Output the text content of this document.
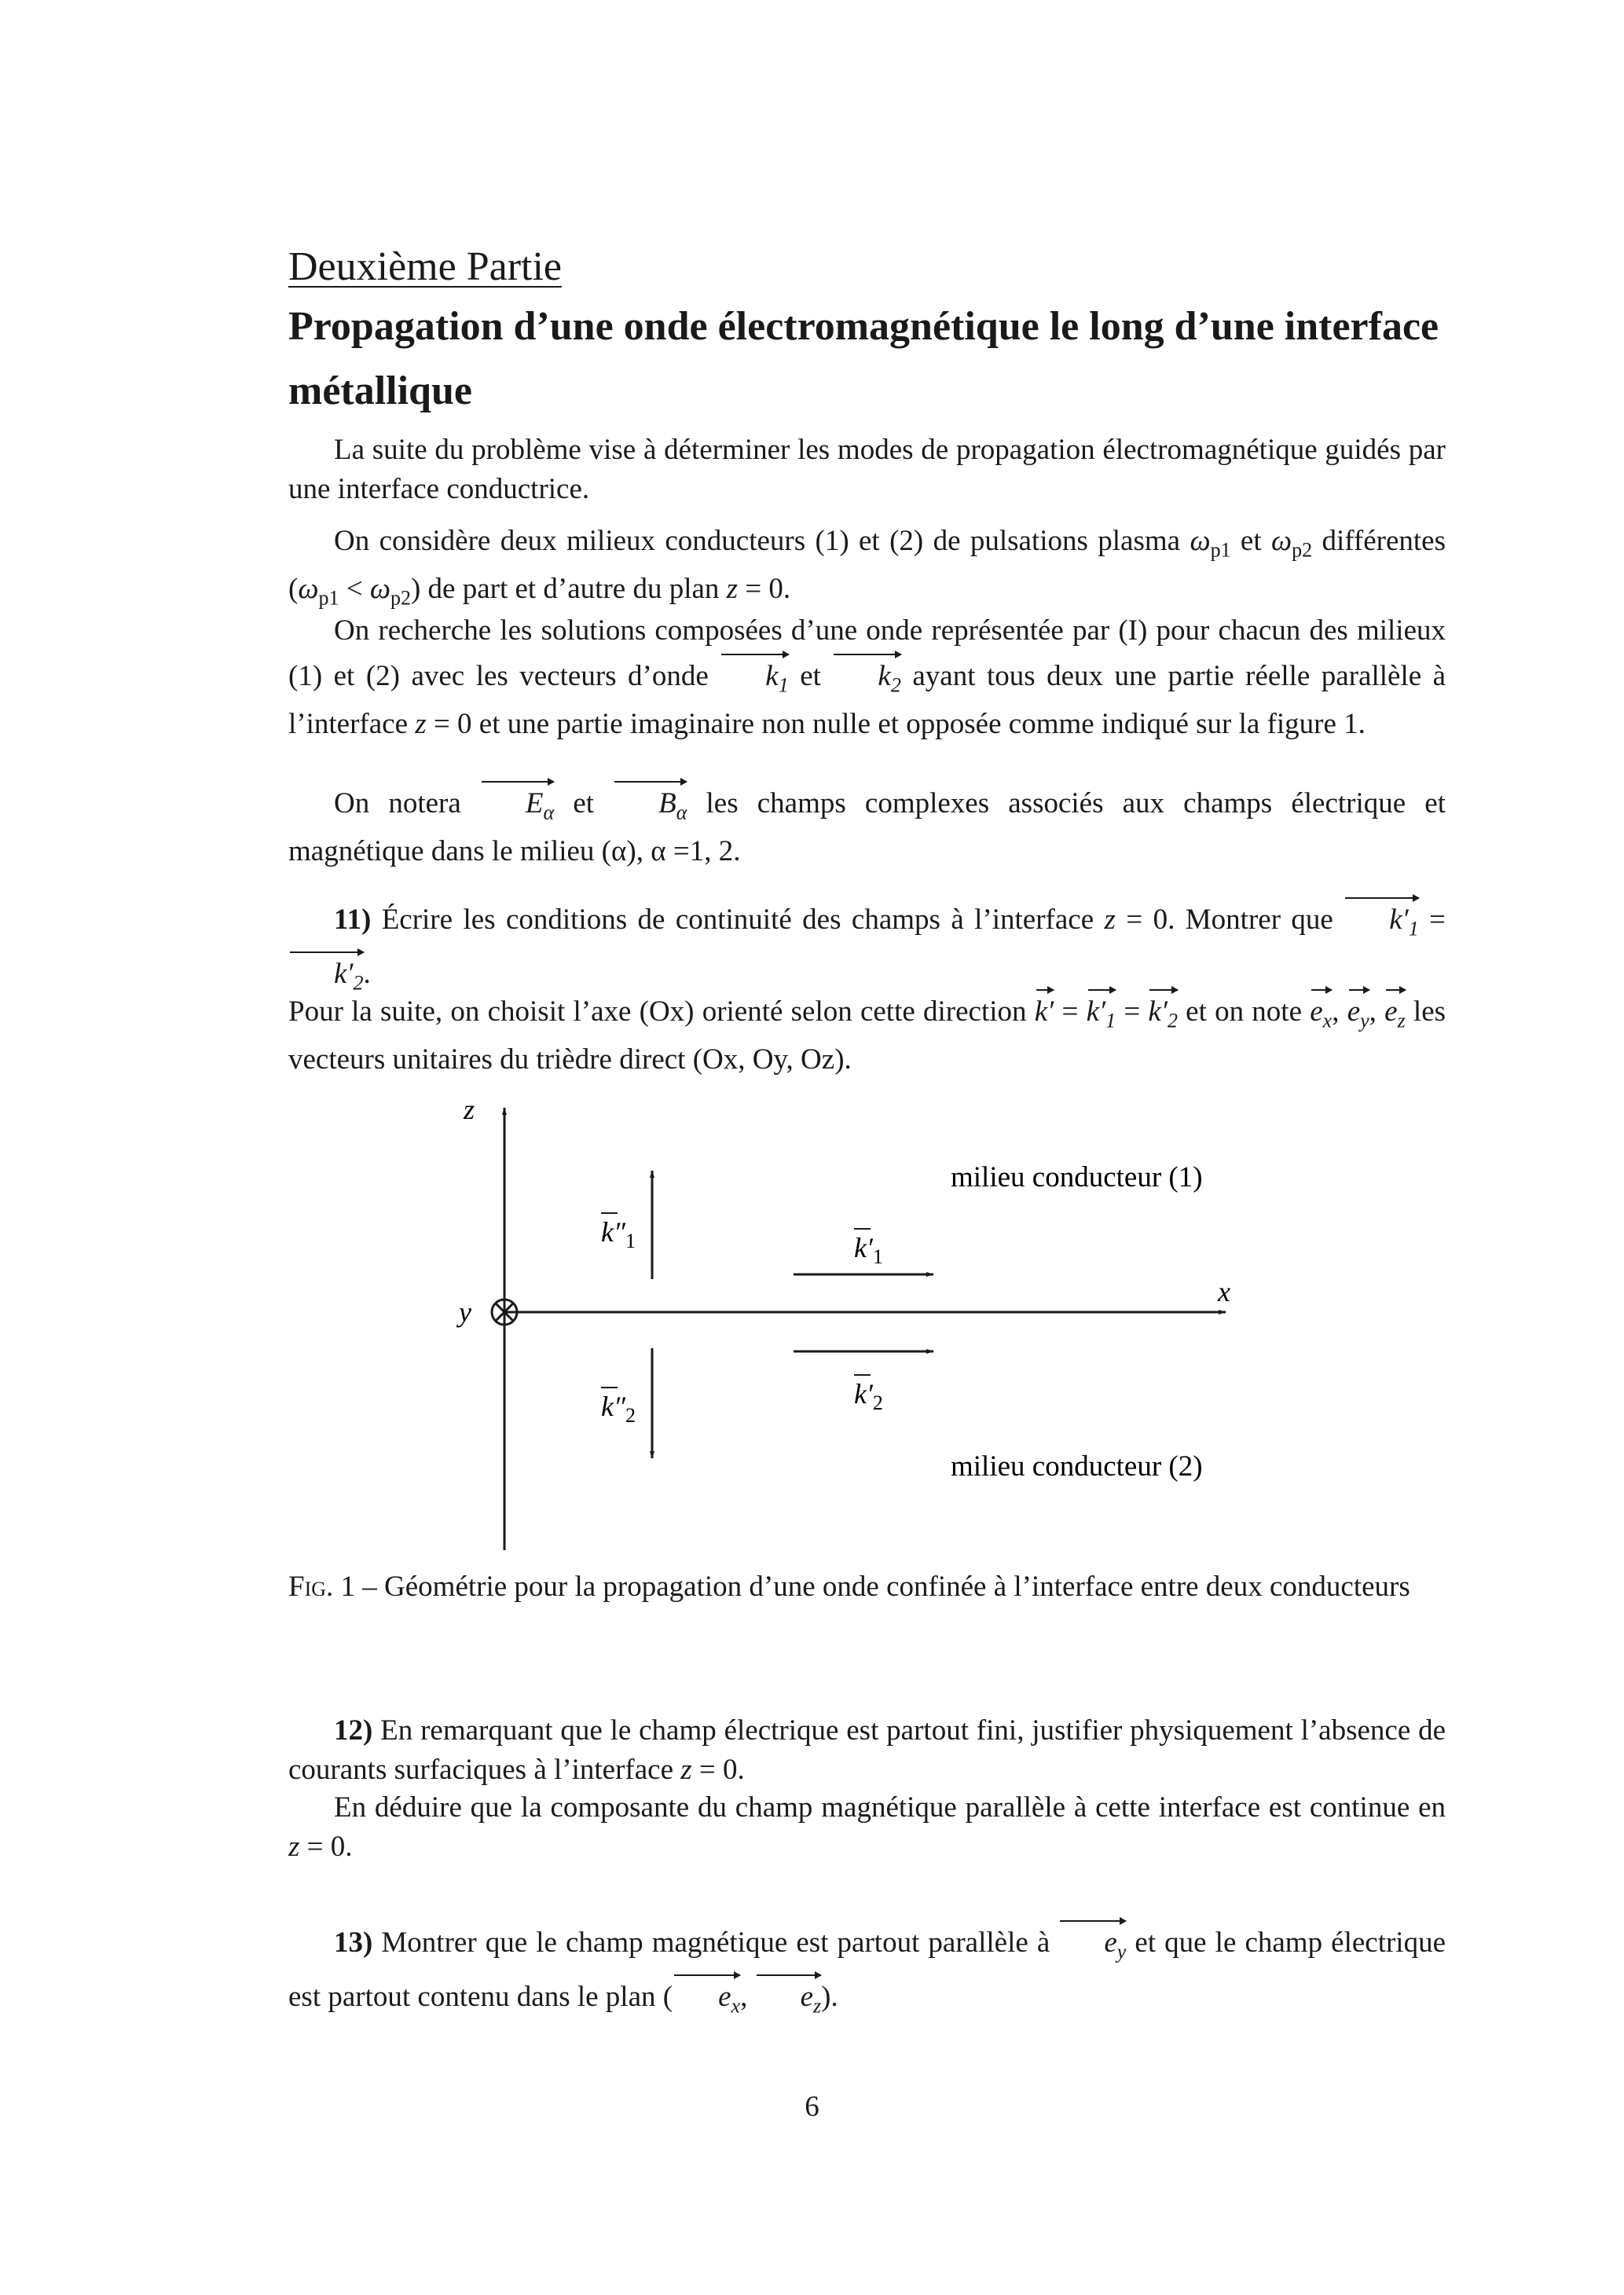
Deuxième Partie
Propagation d’une onde électromagnétique le long d’une interface métallique
La suite du problème vise à déterminer les modes de propagation électromagnétique guidés par une interface conductrice.
On considère deux milieux conducteurs (1) et (2) de pulsations plasma $\omega_{p1}$ et $\omega_{p2}$ différentes $(\omega_{p1} < \omega_{p2})$ de part et d’autre du plan z = 0.
On recherche les solutions composées d’une onde représentée par (I) pour chacun des milieux (1) et (2) avec les vecteurs d’onde $k_1$ et $k_2$ ayant tous deux une partie réelle parallèle à l’interface z = 0 et une partie imaginaire non nulle et opposée comme indiqué sur la figure 1.
On notera $E_\alpha$ et $B_\alpha$ les champs complexes associés aux champs électrique et magnétique dans le milieu (α), α =1, 2.
11) Écrire les conditions de continuité des champs à l’interface z = 0. Montrer que $k'_1 = k'_2$.
Pour la suite, on choisit l’axe (Ox) orienté selon cette direction $k' = k'_1 = k'_2$ et on note $e_x$, $e_y$, $e_z$ les vecteurs unitaires du trièdre direct (Ox, Oy, Oz).
z
x
y
$k''_1$	$k'_1$
$k'_2$
$k''_2$
milieu conducteur (1)
milieu conducteur (2)
Fig. 1 – Géométrie pour la propagation d’une onde confinée à l’interface entre deux conducteurs
12) En remarquant que le champ électrique est partout fini, justifier physiquement l’absence de courants surfaciques à l’interface z = 0.
En déduire que la composante du champ magnétique parallèle à cette interface est continue en z = 0.
13) Montrer que le champ magnétique est partout parallèle à $e_y$ et que le champ électrique est partout contenu dans le plan ( $e_x$, $e_z$).
6
